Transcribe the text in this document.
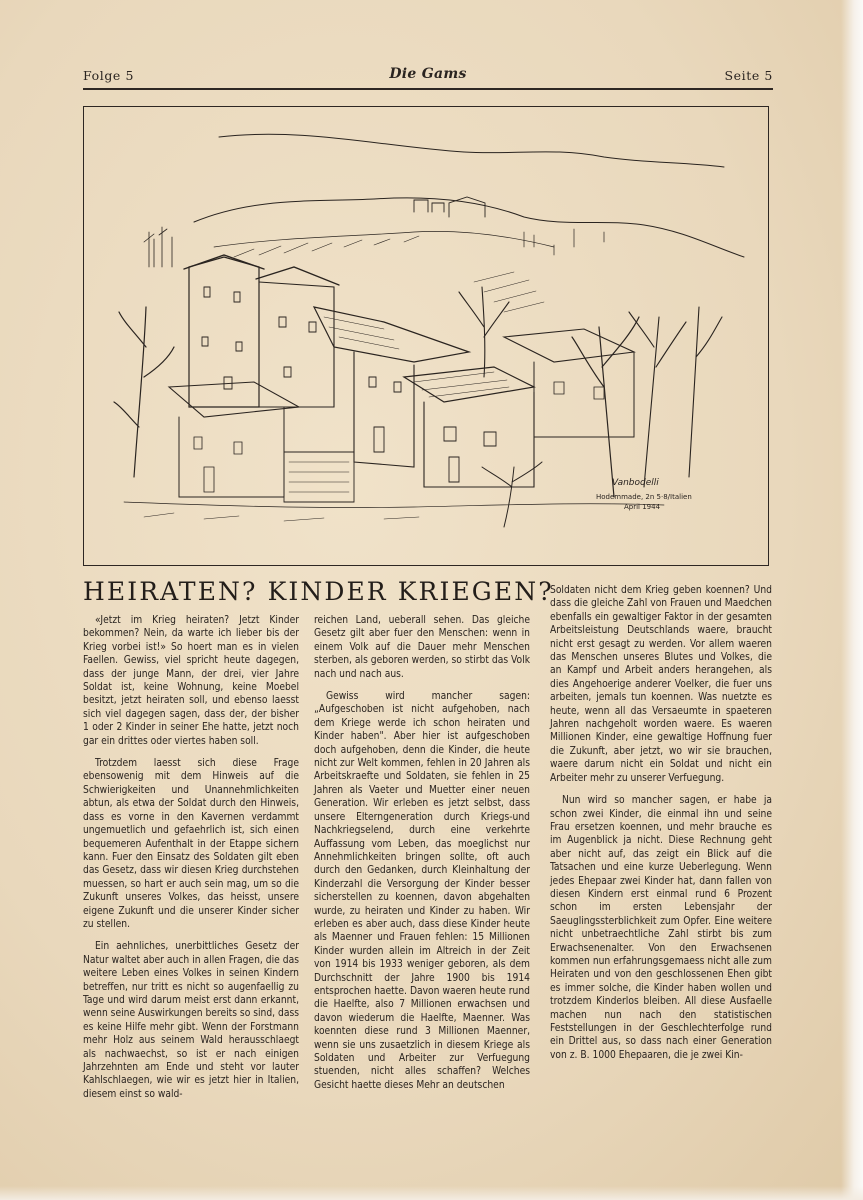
Folge 5	Die Gams	Seite 5
Vanbodelli
Hodemmade, 2n 5·8/Italien
April 1944
HEIRATEN? KINDER KRIEGEN?

«Jetzt im Krieg heiraten? Jetzt Kinder bekommen? Nein, da warte ich lieber bis der Krieg vorbei ist!» So hoert man es in vielen Faellen. Gewiss, viel spricht heute dagegen, dass der junge Mann, der drei, vier Jahre Soldat ist, keine Wohnung, keine Moebel besitzt, jetzt heiraten soll, und ebenso laesst sich viel dagegen sagen, dass der, der bisher 1 oder 2 Kinder in seiner Ehe hatte, jetzt noch gar ein drittes oder viertes haben soll.

Trotzdem laesst sich diese Frage ebensowenig mit dem Hinweis auf die Schwierigkeiten und Unannehmlichkeiten abtun, als etwa der Soldat durch den Hinweis, dass es vorne in den Kavernen verdammt ungemuetlich und gefaehrlich ist, sich einen bequemeren Aufenthalt in der Etappe sichern kann. Fuer den Einsatz des Soldaten gilt eben das Gesetz, dass wir diesen Krieg durchstehen muessen, so hart er auch sein mag, um so die Zukunft unseres Volkes, das heisst, unsere eigene Zukunft und die unserer Kinder sicher zu stellen.

Ein aehnliches, unerbittliches Gesetz der Natur waltet aber auch in allen Fragen, die das weitere Leben eines Volkes in seinen Kindern betreffen, nur tritt es nicht so augenfaellig zu Tage und wird darum meist erst dann erkannt, wenn seine Auswirkungen bereits so sind, dass es keine Hilfe mehr gibt. Wenn der Forstmann mehr Holz aus seinem Wald herausschlaegt als nachwaechst, so ist er nach einigen Jahrzehnten am Ende und steht vor lauter Kahlschlaegen, wie wir es jetzt hier in Italien, diesem einst so wald-

reichen Land, ueberall sehen. Das gleiche Gesetz gilt aber fuer den Menschen: wenn in einem Volk auf die Dauer mehr Menschen sterben, als geboren werden, so stirbt das Volk nach und nach aus.

Gewiss wird mancher sagen: „Aufgeschoben ist nicht aufgehoben, nach dem Kriege werde ich schon heiraten und Kinder haben". Aber hier ist aufgeschoben doch aufgehoben, denn die Kinder, die heute nicht zur Welt kommen, fehlen in 20 Jahren als Arbeitskraefte und Soldaten, sie fehlen in 25 Jahren als Vaeter und Muetter einer neuen Generation. Wir erleben es jetzt selbst, dass unsere Elterngeneration durch Kriegs-und Nachkriegselend, durch eine verkehrte Auffassung vom Leben, das moeglichst nur Annehmlichkeiten bringen sollte, oft auch durch den Gedanken, durch Kleinhaltung der Kinderzahl die Versorgung der Kinder besser sicherstellen zu koennen, davon abgehalten wurde, zu heiraten und Kinder zu haben. Wir erleben es aber auch, dass diese Kinder heute als Maenner und Frauen fehlen: 15 Millionen Kinder wurden allein im Altreich in der Zeit von 1914 bis 1933 weniger geboren, als dem Durchschnitt der Jahre 1900 bis 1914 entsprochen haette. Davon waeren heute rund die Haelfte, also 7 Millionen erwachsen und davon wiederum die Haelfte, Maenner. Was koennten diese rund 3 Millionen Maenner, wenn sie uns zusaetzlich in diesem Kriege als Soldaten und Arbeiter zur Verfuegung stuenden, nicht alles schaffen? Welches Gesicht haette dieses Mehr an deutschen

Soldaten nicht dem Krieg geben koennen? Und dass die gleiche Zahl von Frauen und Maedchen ebenfalls ein gewaltiger Faktor in der gesamten Arbeitsleistung Deutschlands waere, braucht nicht erst gesagt zu werden. Vor allem waeren das Menschen unseres Blutes und Volkes, die an Kampf und Arbeit anders herangehen, als dies Angehoerige anderer Voelker, die fuer uns arbeiten, jemals tun koennen. Was nuetzte es heute, wenn all das Versaeumte in spaeteren Jahren nachgeholt worden waere. Es waeren Millionen Kinder, eine gewaltige Hoffnung fuer die Zukunft, aber jetzt, wo wir sie brauchen, waere darum nicht ein Soldat und nicht ein Arbeiter mehr zu unserer Verfuegung.

Nun wird so mancher sagen, er habe ja schon zwei Kinder, die einmal ihn und seine Frau ersetzen koennen, und mehr brauche es im Augenblick ja nicht. Diese Rechnung geht aber nicht auf, das zeigt ein Blick auf die Tatsachen und eine kurze Ueberlegung. Wenn jedes Ehepaar zwei Kinder hat, dann fallen von diesen Kindern erst einmal rund 6 Prozent schon im ersten Lebensjahr der Saeuglingssterblichkeit zum Opfer. Eine weitere nicht unbetraechtliche Zahl stirbt bis zum Erwachsenenalter. Von den Erwachsenen kommen nun erfahrungsgemaess nicht alle zum Heiraten und von den geschlossenen Ehen gibt es immer solche, die Kinder haben wollen und trotzdem Kinderlos bleiben. All diese Ausfaelle machen nun nach den statistischen Feststellungen in der Geschlechterfolge rund ein Drittel aus, so dass nach einer Generation von z. B. 1000 Ehepaaren, die je zwei Kin-
